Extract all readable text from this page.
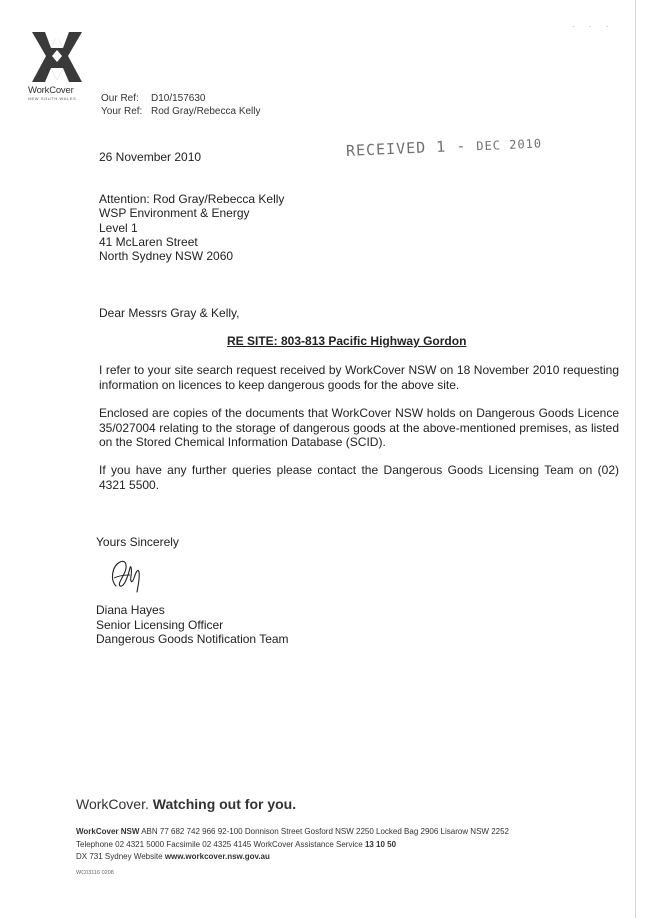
WorkCover
NEW SOUTH WALES
· · ·
Our Ref:	D10/157630
Your Ref: Rod Gray/Rebecca Kelly
26 November 2010	RECEIVED 1 - DEC 2010
Attention: Rod Gray/Rebecca Kelly
WSP Environment & Energy
Level 1
41 McLaren Street
North Sydney NSW 2060
Dear Messrs Gray & Kelly,
RE SITE: 803-813 Pacific Highway Gordon
I refer to your site search request received by WorkCover NSW on 18 November 2010 requesting information on licences to keep dangerous goods for the above site.
Enclosed are copies of the documents that WorkCover NSW holds on Dangerous Goods Licence 35/027004 relating to the storage of dangerous goods at the above-mentioned premises, as listed on the Stored Chemical Information Database (SCID).
If you have any further queries please contact the Dangerous Goods Licensing Team on (02) 4321 5500.
Yours Sincerely
Diana Hayes
Senior Licensing Officer
Dangerous Goods Notification Team
WorkCover. Watching out for you.
WorkCover NSW ABN 77 682 742 966 92-100 Donnison Street Gosford NSW 2250 Locked Bag 2906 Lisarow NSW 2252
Telephone 02 4321 5000 Facsimile 02 4325 4145 WorkCover Assistance Service 13 10 50
DX 731 Sydney Website www.workcover.nsw.gov.au
WC03116 0208
